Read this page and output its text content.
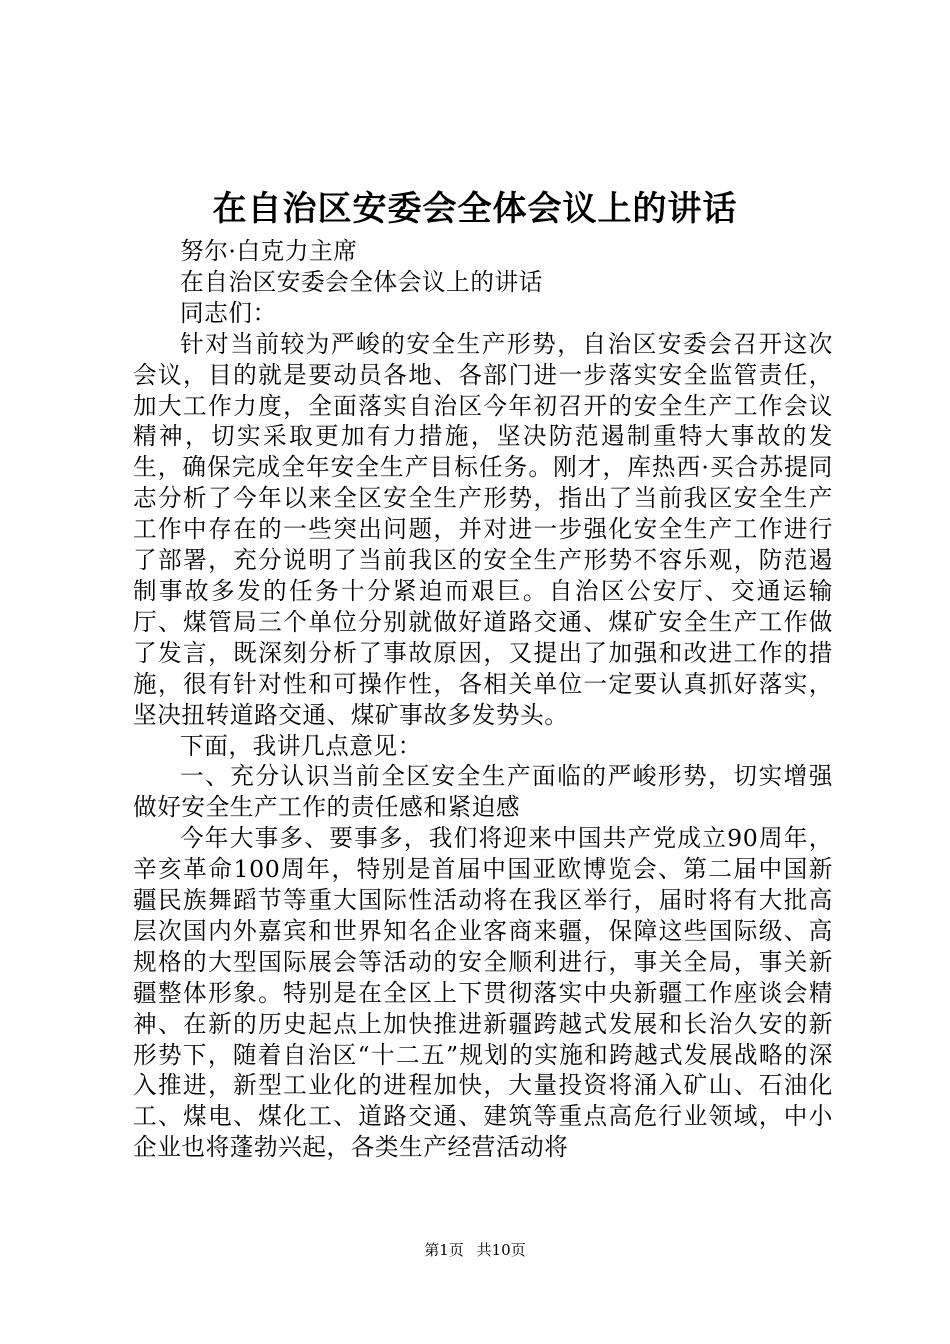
在自治区安委会全体会议上的讲话

努尔·白克力主席

在自治区安委会全体会议上的讲话

同志们：

针对当前较为严峻的安全生产形势，自治区安委会召开这次会议，目的就是要动员各地、各部门进一步落实安全监管责任，加大工作力度，全面落实自治区今年初召开的安全生产工作会议精神，切实采取更加有力措施，坚决防范遏制重特大事故的发生，确保完成全年安全生产目标任务。刚才，库热西·买合苏提同志分析了今年以来全区安全生产形势，指出了当前我区安全生产工作中存在的一些突出问题，并对进一步强化安全生产工作进行了部署，充分说明了当前我区的安全生产形势不容乐观，防范遏制事故多发的任务十分紧迫而艰巨。自治区公安厅、交通运输厅、煤管局三个单位分别就做好道路交通、煤矿安全生产工作做了发言，既深刻分析了事故原因，又提出了加强和改进工作的措施，很有针对性和可操作性，各相关单位一定要认真抓好落实，坚决扭转道路交通、煤矿事故多发势头。

下面，我讲几点意见：

一、充分认识当前全区安全生产面临的严峻形势，切实增强做好安全生产工作的责任感和紧迫感

今年大事多、要事多，我们将迎来中国共产党成立90周年，辛亥革命100周年，特别是首届中国亚欧博览会、第二届中国新疆民族舞蹈节等重大国际性活动将在我区举行，届时将有大批高层次国内外嘉宾和世界知名企业客商来疆，保障这些国际级、高规格的大型国际展会等活动的安全顺利进行，事关全局，事关新疆整体形象。特别是在全区上下贯彻落实中央新疆工作座谈会精神、在新的历史起点上加快推进新疆跨越式发展和长治久安的新形势下，随着自治区“十二五”规划的实施和跨越式发展战略的深入推进，新型工业化的进程加快，大量投资将涌入矿山、石油化工、煤电、煤化工、道路交通、建筑等重点高危行业领域，中小企业也将蓬勃兴起，各类生产经营活动将

第1页 共10页
